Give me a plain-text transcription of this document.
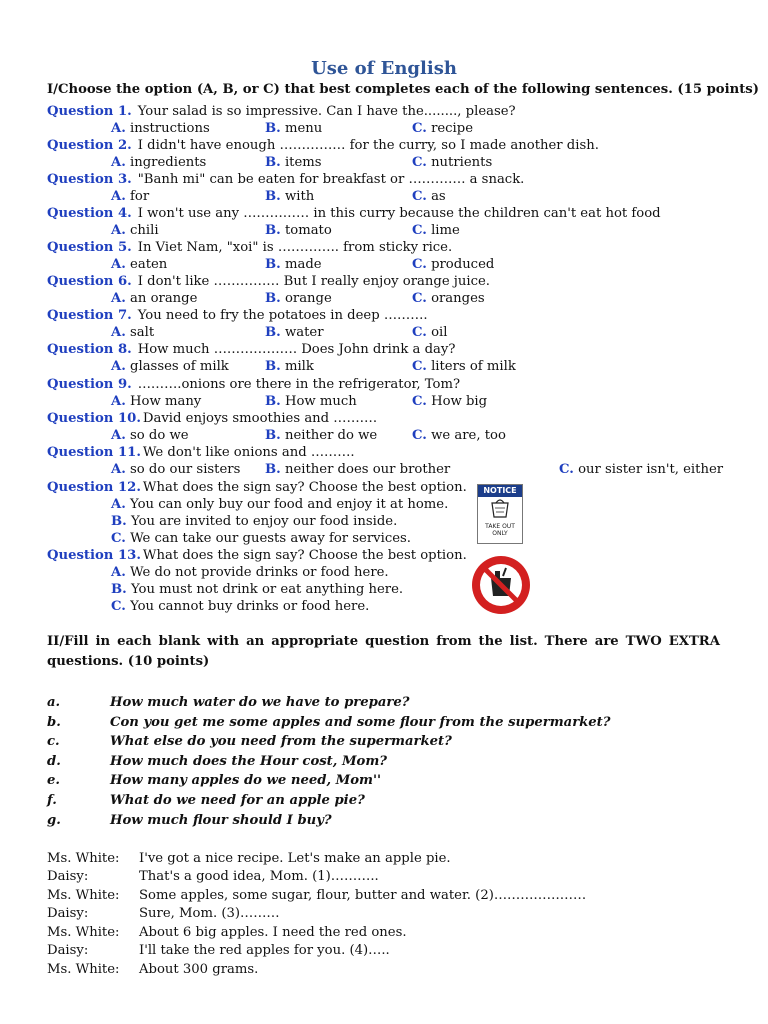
Use of English
I/Choose the option (A, B, or C) that best completes each of the following sentences. (15 points)
Question 1. Your salad is so impressive. Can I have the........, please?
A. instructions	B. menu	C. recipe
Question 2. I didn't have enough …………… for the curry, so I made another dish.
A. ingredients	B. items	C. nutrients
Question 3. "Banh mi" can be eaten for breakfast or …………. a snack.
A. for	B. with	C. as
Question 4. I won't use any …………… in this curry because the children can't eat hot food
A. chili	B. tomato	C. lime
Question 5. In Viet Nam, "xoi" is ………….. from sticky rice.
A. eaten	B. made	C. produced
Question 6. I don't like …………… But I really enjoy orange juice.
A. an orange	B. orange	C. oranges
Question 7. You need to fry the potatoes in deep ……….
A. salt	B. water	C. oil
Question 8. How much ………………. Does John drink a day?
A. glasses of milk	B. milk	C. liters of milk
Question 9. ……….onions ore there in the refrigerator, Tom?
A. How many	B. How much	C. How big
Question 10. David enjoys smoothies and ……….
A. so do we	B. neither do we	C. we are, too
Question 11. We don't like onions and ……….
A. so do our sisters B. neither does our brother	C. our sister isn't, either
Question 12. What does the sign say? Choose the best option.
A. You can only buy our food and enjoy it at home.
B. You are invited to enjoy our food inside.
C. We can take our guests away for services.
NOTICE
TAKE OUT
ONLY
Question 13. What does the sign say? Choose the best option.
A. We do not provide drinks or food here.
B. You must not drink or eat anything here.
C. You cannot buy drinks or food here.
II/Fill in each blank with an appropriate question from the list. There are TWO EXTRA questions. (10 points)
a.	How much water do we have to prepare?
b.	Con you get me some apples and some flour from the supermarket?
c.	What else do you need from the supermarket?
d.	How much does the Hour cost, Mom?
e.	How many apples do we need, Mom''
f.	What do we need for an apple pie?
g.	How much flour should I buy?
Ms. White: I've got a nice recipe. Let's make an apple pie.
Daisy:	That's a good idea, Mom. (1)………..
Ms. White: Some apples, some sugar, flour, butter and water. (2)…………………
Daisy:	Sure, Mom. (3)………
Ms. White: About 6 big apples. I need the red ones.
Daisy:	I'll take the red apples for you. (4)…..
Ms. White: About 300 grams.
